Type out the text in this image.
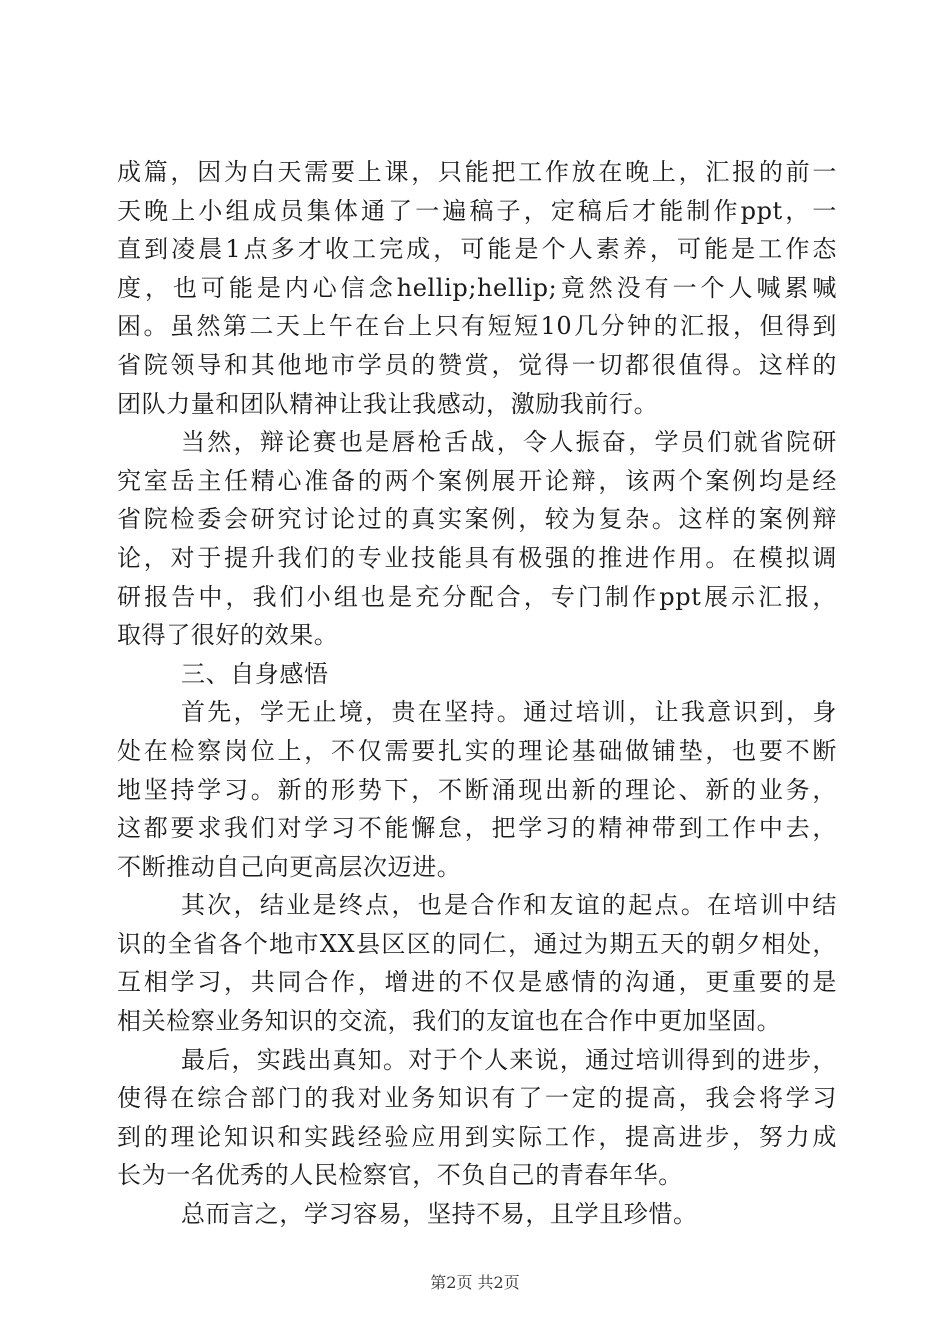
成篇，因为白天需要上课，只能把工作放在晚上，汇报的前一
天晚上小组成员集体通了一遍稿子，定稿后才能制作ppt，一
直到凌晨1点多才收工完成，可能是个人素养，可能是工作态
度，也可能是内心信念hellip;hellip;竟然没有一个人喊累喊
困。虽然第二天上午在台上只有短短10几分钟的汇报，但得到
省院领导和其他地市学员的赞赏，觉得一切都很值得。这样的
团队力量和团队精神让我让我感动，激励我前行。
当然，辩论赛也是唇枪舌战，令人振奋，学员们就省院研
究室岳主任精心准备的两个案例展开论辩，该两个案例均是经
省院检委会研究讨论过的真实案例，较为复杂。这样的案例辩
论，对于提升我们的专业技能具有极强的推进作用。在模拟调
研报告中，我们小组也是充分配合，专门制作ppt展示汇报，
取得了很好的效果。
三、自身感悟
首先，学无止境，贵在坚持。通过培训，让我意识到，身
处在检察岗位上，不仅需要扎实的理论基础做铺垫，也要不断
地坚持学习。新的形势下，不断涌现出新的理论、新的业务，
这都要求我们对学习不能懈怠，把学习的精神带到工作中去，
不断推动自己向更高层次迈进。
其次，结业是终点，也是合作和友谊的起点。在培训中结
识的全省各个地市XX县区区的同仁，通过为期五天的朝夕相处，
互相学习，共同合作，增进的不仅是感情的沟通，更重要的是
相关检察业务知识的交流，我们的友谊也在合作中更加坚固。
最后，实践出真知。对于个人来说，通过培训得到的进步，
使得在综合部门的我对业务知识有了一定的提高，我会将学习
到的理论知识和实践经验应用到实际工作，提高进步，努力成
长为一名优秀的人民检察官，不负自己的青春年华。
总而言之，学习容易，坚持不易，且学且珍惜。
第2页 共2页
